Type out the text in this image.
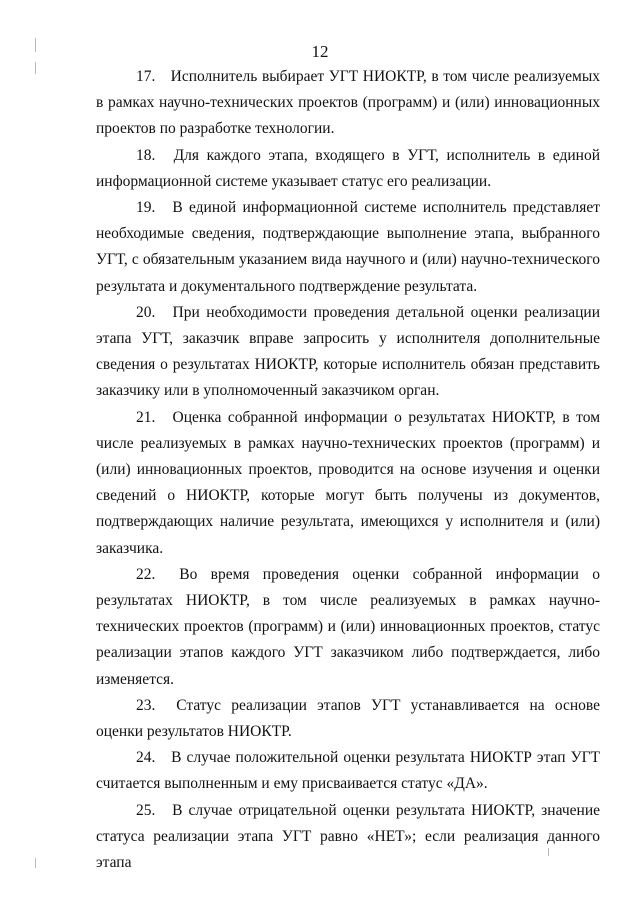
12

17. Исполнитель выбирает УГТ НИОКТР, в том числе реализуемых в рамках научно-технических проектов (программ) и (или) инновационных проектов по разработке технологии.

18. Для каждого этапа, входящего в УГТ, исполнитель в единой информационной системе указывает статус его реализации.

19. В единой информационной системе исполнитель представляет необходимые сведения, подтверждающие выполнение этапа, выбранного УГТ, с обязательным указанием вида научного и (или) научно-технического результата и документального подтверждение результата.

20. При необходимости проведения детальной оценки реализации этапа УГТ, заказчик вправе запросить у исполнителя дополнительные сведения о результатах НИОКТР, которые исполнитель обязан представить заказчику или в уполномоченный заказчиком орган.

21. Оценка собранной информации о результатах НИОКТР, в том числе реализуемых в рамках научно-технических проектов (программ) и (или) инновационных проектов, проводится на основе изучения и оценки сведений о НИОКТР, которые могут быть получены из документов, подтверждающих наличие результата, имеющихся у исполнителя и (или) заказчика.

22. Во время проведения оценки собранной информации о результатах НИОКТР, в том числе реализуемых в рамках научно-технических проектов (программ) и (или) инновационных проектов, статус реализации этапов каждого УГТ заказчиком либо подтверждается, либо изменяется.

23. Статус реализации этапов УГТ устанавливается на основе оценки результатов НИОКТР.

24. В случае положительной оценки результата НИОКТР этап УГТ считается выполненным и ему присваивается статус «ДА».

25. В случае отрицательной оценки результата НИОКТР, значение статуса реализации этапа УГТ равно «НЕТ»; если реализация данного этапа
